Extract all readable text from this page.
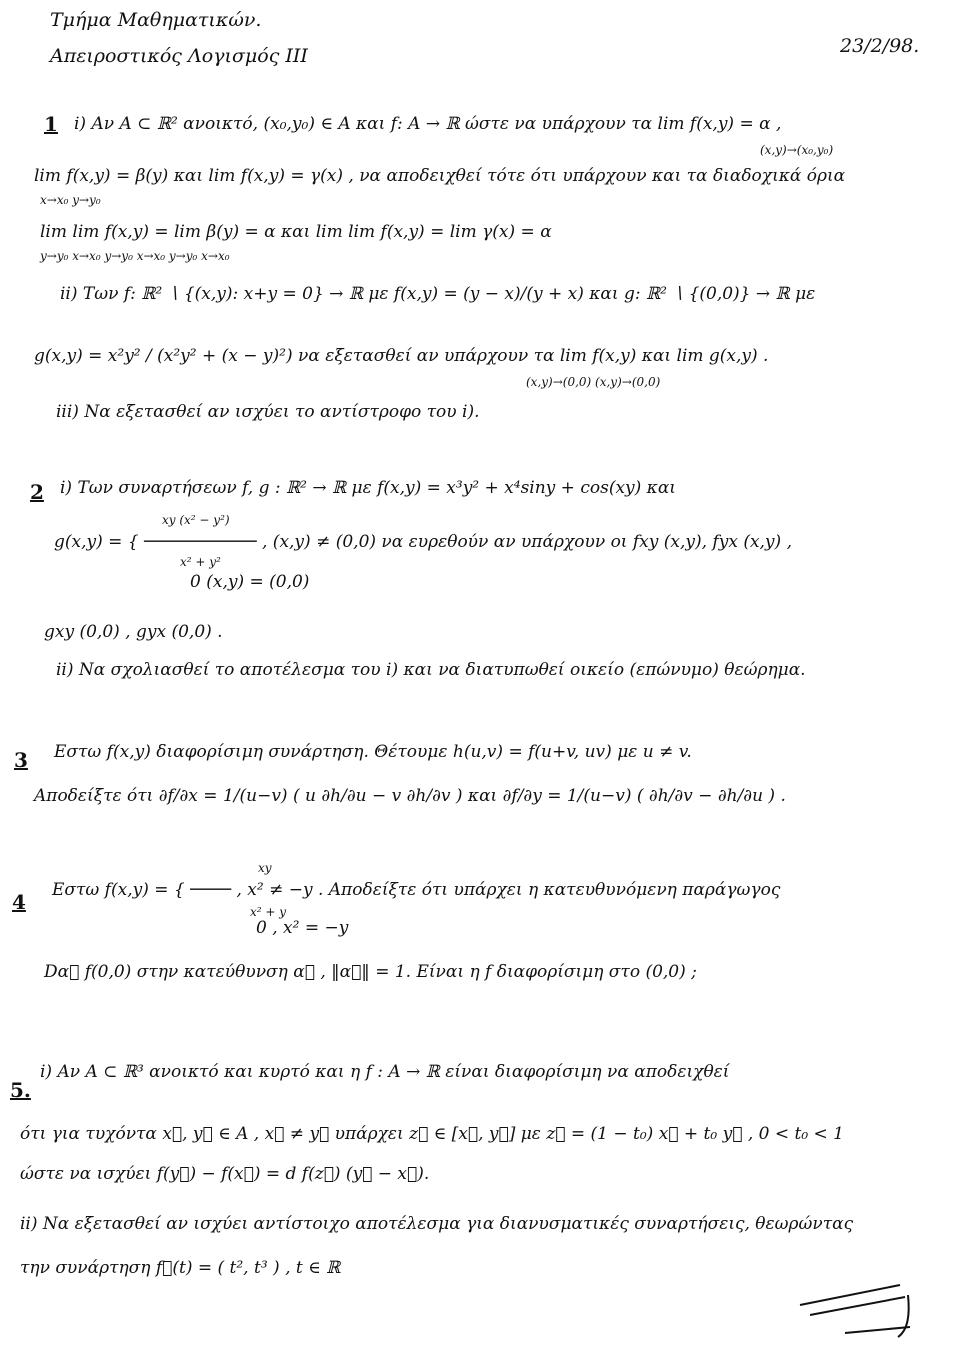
Τμήμα Μαθηματικών.
Απειροστικός Λογισμός ΙΙΙ	23/2/98.
1 i) Αν A ⊂ ℝ² ανοικτό, (x₀,y₀) ∈ A και f: A → ℝ ώστε να υπάρχουν τα lim f(x,y) = α ,
(x,y)→(x₀,y₀)
lim f(x,y) = β(y) και lim f(x,y) = γ(x) , να αποδειχθεί τότε ότι υπάρχουν και τα διαδοχικά όρια
x→x₀ y→y₀
lim lim f(x,y) = lim β(y) = α και lim lim f(x,y) = lim γ(x) = α
y→y₀ x→x₀ y→y₀ x→x₀ y→y₀ x→x₀
ii) Των f: ℝ² ∖ {(x,y): x+y = 0} → ℝ με f(x,y) = (y − x)/(y + x) και g: ℝ² ∖ {(0,0)} → ℝ με
g(x,y) = x²y² / (x²y² + (x − y)²) να εξετασθεί αν υπάρχουν τα lim f(x,y) και lim g(x,y) .
(x,y)→(0,0) (x,y)→(0,0)
iii) Να εξετασθεί αν ισχύει το αντίστροφο του i).
2 i) Των συναρτήσεων f, g : ℝ² → ℝ με f(x,y) = x³y² + x⁴siny + cos(xy) και
xy (x² − y²)
g(x,y) = { ─────────── , (x,y) ≠ (0,0) να ευρεθούν αν υπάρχουν οι fxy (x,y), fyx (x,y) ,
x² + y²
0 (x,y) = (0,0)
gxy (0,0) , gyx (0,0) .
ii) Να σχολιασθεί το αποτέλεσμα του i) και να διατυπωθεί οικείο (επώνυμο) θεώρημα.
3 Εστω f(x,y) διαφορίσιμη συνάρτηση. Θέτουμε h(u,v) = f(u+v, uv) με u ≠ v.
Αποδείξτε ότι ∂f/∂x = 1/(u−v) ( u ∂h/∂u − v ∂h/∂v ) και ∂f/∂y = 1/(u−v) ( ∂h/∂v − ∂h/∂u ) .
xy
4 Εστω f(x,y) = { ──── , x² ≠ −y . Αποδείξτε ότι υπάρχει η κατευθυνόμενη παράγωγος
x² + y
0 , x² = −y
Dα⃗ f(0,0) στην κατεύθυνση α⃗ , ‖α⃗‖ = 1. Είναι η f διαφορίσιμη στο (0,0) ;
5.
i) Αν A ⊂ ℝ³ ανοικτό και κυρτό και η f : A → ℝ είναι διαφορίσιμη να αποδειχθεί
ότι για τυχόντα x⃗, y⃗ ∈ A , x⃗ ≠ y⃗ υπάρχει z⃗ ∈ [x⃗, y⃗] με z⃗ = (1 − t₀) x⃗ + t₀ y⃗ , 0 < t₀ < 1
ώστε να ισχύει f(y⃗) − f(x⃗) = d f(z⃗) (y⃗ − x⃗).
ii) Να εξετασθεί αν ισχύει αντίστοιχο αποτέλεσμα για διανυσματικές συναρτήσεις, θεωρώντας
την συνάρτηση f⃗(t) = ( t², t³ ) , t ∈ ℝ
